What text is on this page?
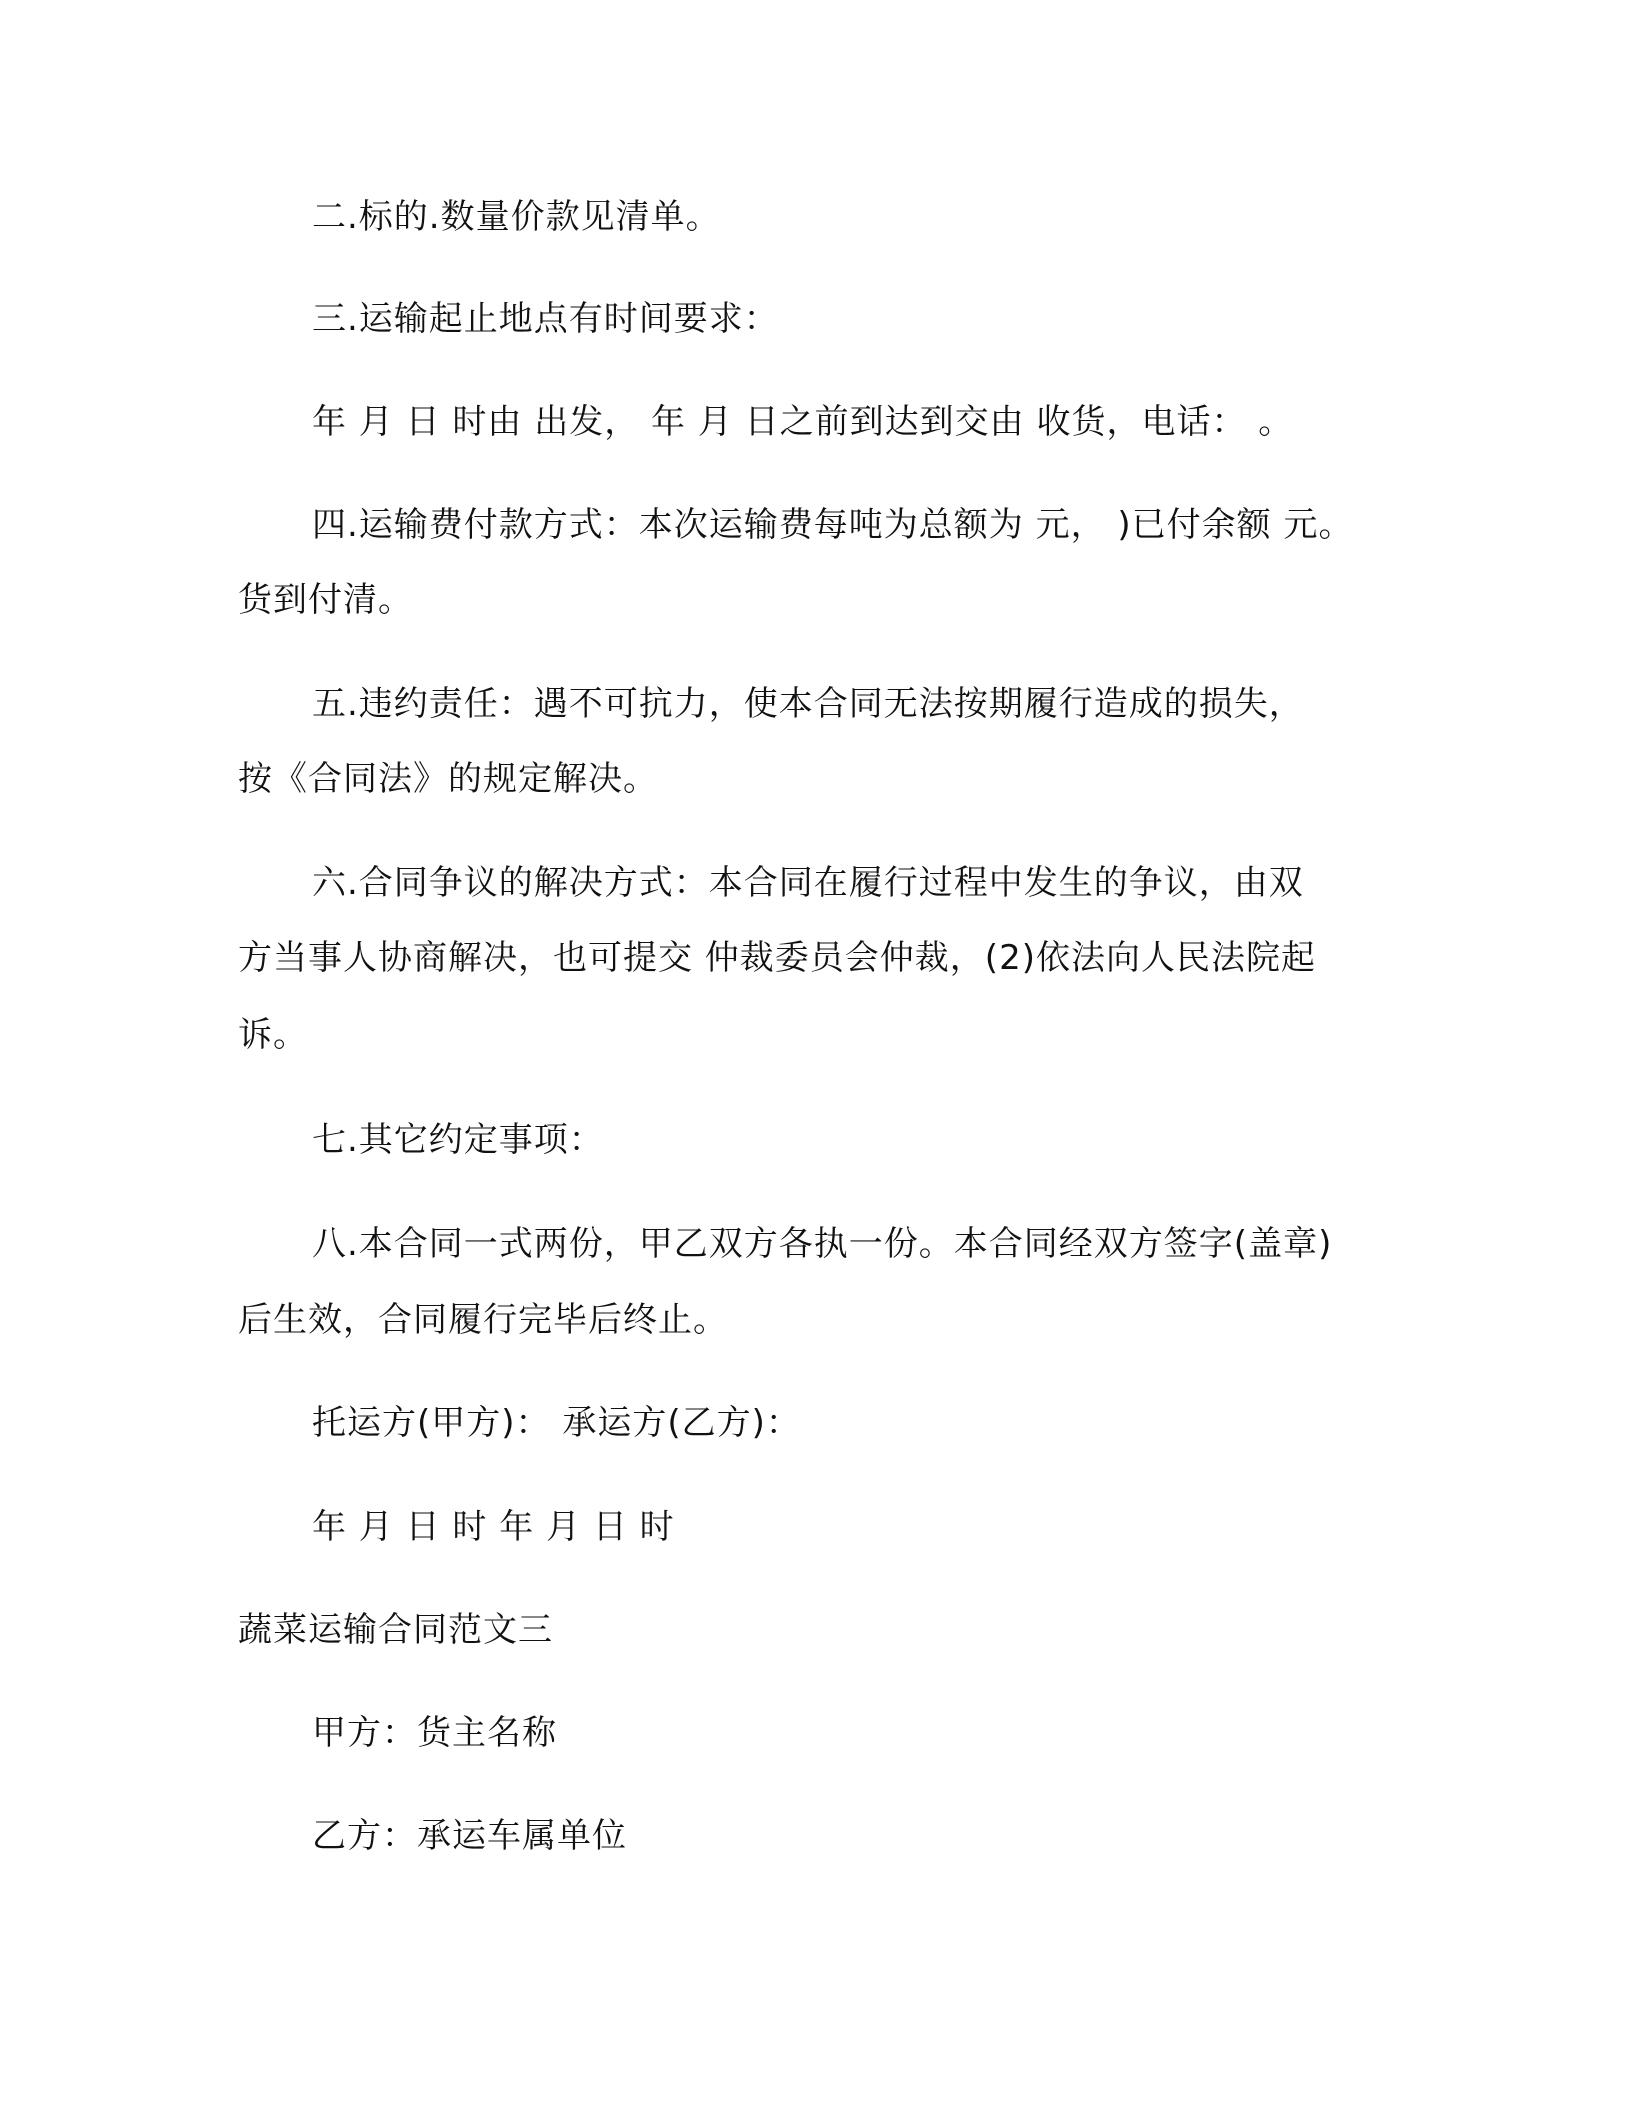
二.标的.数量价款见清单。
三.运输起止地点有时间要求：
年 月 日 时由 出发， 年 月 日之前到达到交由 收货，电话： 。
四.运输费付款方式：本次运输费每吨为总额为 元， )已付余额 元。
货到付清。
五.违约责任：遇不可抗力，使本合同无法按期履行造成的损失，
按《合同法》的规定解决。
六.合同争议的解决方式：本合同在履行过程中发生的争议，由双
方当事人协商解决，也可提交 仲裁委员会仲裁，(2)依法向人民法院起
诉。
七.其它约定事项：
八.本合同一式两份，甲乙双方各执一份。本合同经双方签字(盖章)
后生效，合同履行完毕后终止。
托运方(甲方)： 承运方(乙方)：
年 月 日 时 年 月 日 时
蔬菜运输合同范文三
甲方：货主名称
乙方：承运车属单位
